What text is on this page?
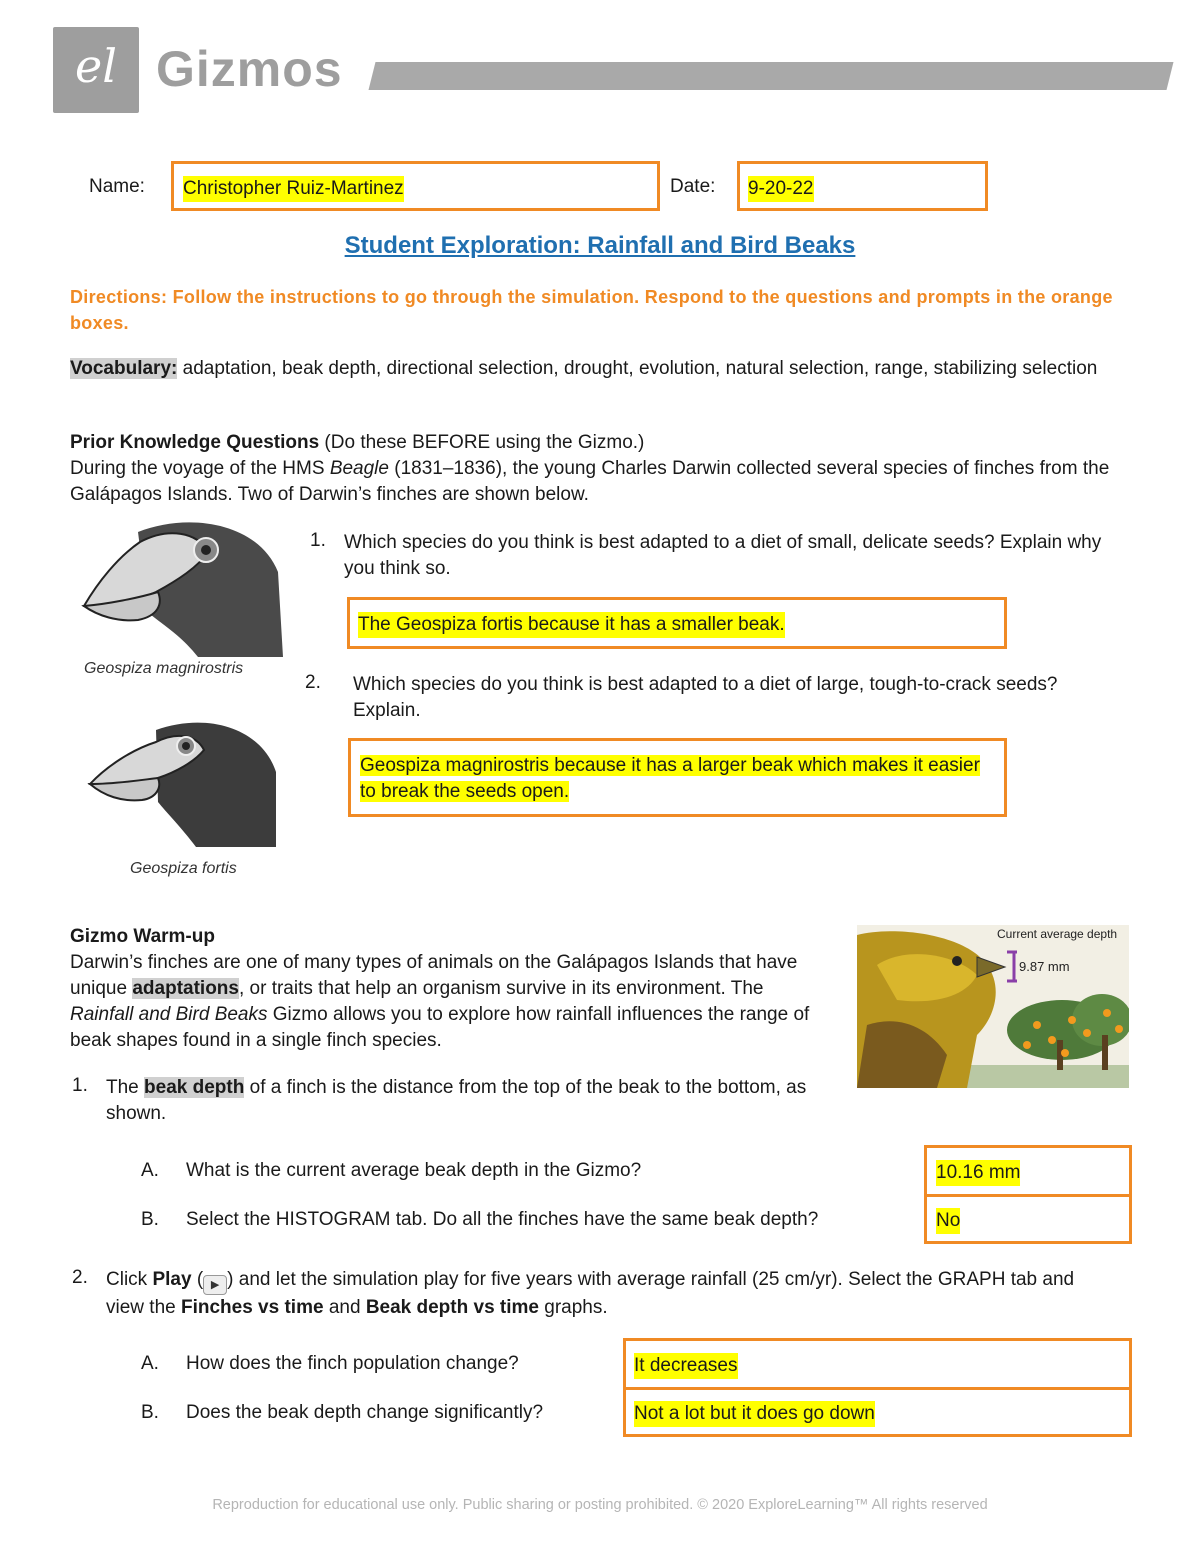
el Gizmos
Name: Christopher Ruiz-Martinez	Date: 9-20-22
Student Exploration: Rainfall and Bird Beaks
Directions: Follow the instructions to go through the simulation. Respond to the questions and prompts in the orange boxes.
Vocabulary: adaptation, beak depth, directional selection, drought, evolution, natural selection, range, stabilizing selection
Prior Knowledge Questions (Do these BEFORE using the Gizmo.)
During the voyage of the HMS Beagle (1831–1836), the young Charles Darwin collected several species of finches from the Galápagos Islands. Two of Darwin’s finches are shown below.
Geospiza magnirostris
Geospiza fortis
1. Which species do you think is best adapted to a diet of small, delicate seeds? Explain why you think so.
The Geospiza fortis because it has a smaller beak.
2. Which species do you think is best adapted to a diet of large, tough-to-crack seeds? Explain.
Geospiza magnirostris because it has a larger beak which makes it easier to break the seeds open.
Gizmo Warm-up
Darwin’s finches are one of many types of animals on the Galápagos Islands that have unique adaptations, or traits that help an organism survive in its environment. The Rainfall and Bird Beaks Gizmo allows you to explore how rainfall influences the range of beak shapes found in a single finch species.
Current average depth
9.87 mm
1. The beak depth of a finch is the distance from the top of the beak to the bottom, as shown.
A. What is the current average beak depth in the Gizmo?	10.16 mm
B. Select the HISTOGRAM tab. Do all the finches have the same beak depth?	No
2. Click Play ( ▶ ) and let the simulation play for five years with average rainfall (25 cm/yr). Select the GRAPH tab and view the Finches vs time and Beak depth vs time graphs.
A. How does the finch population change?	It decreases
B. Does the beak depth change significantly?	Not a lot but it does go down
Reproduction for educational use only. Public sharing or posting prohibited. © 2020 ExploreLearning™ All rights reserved
